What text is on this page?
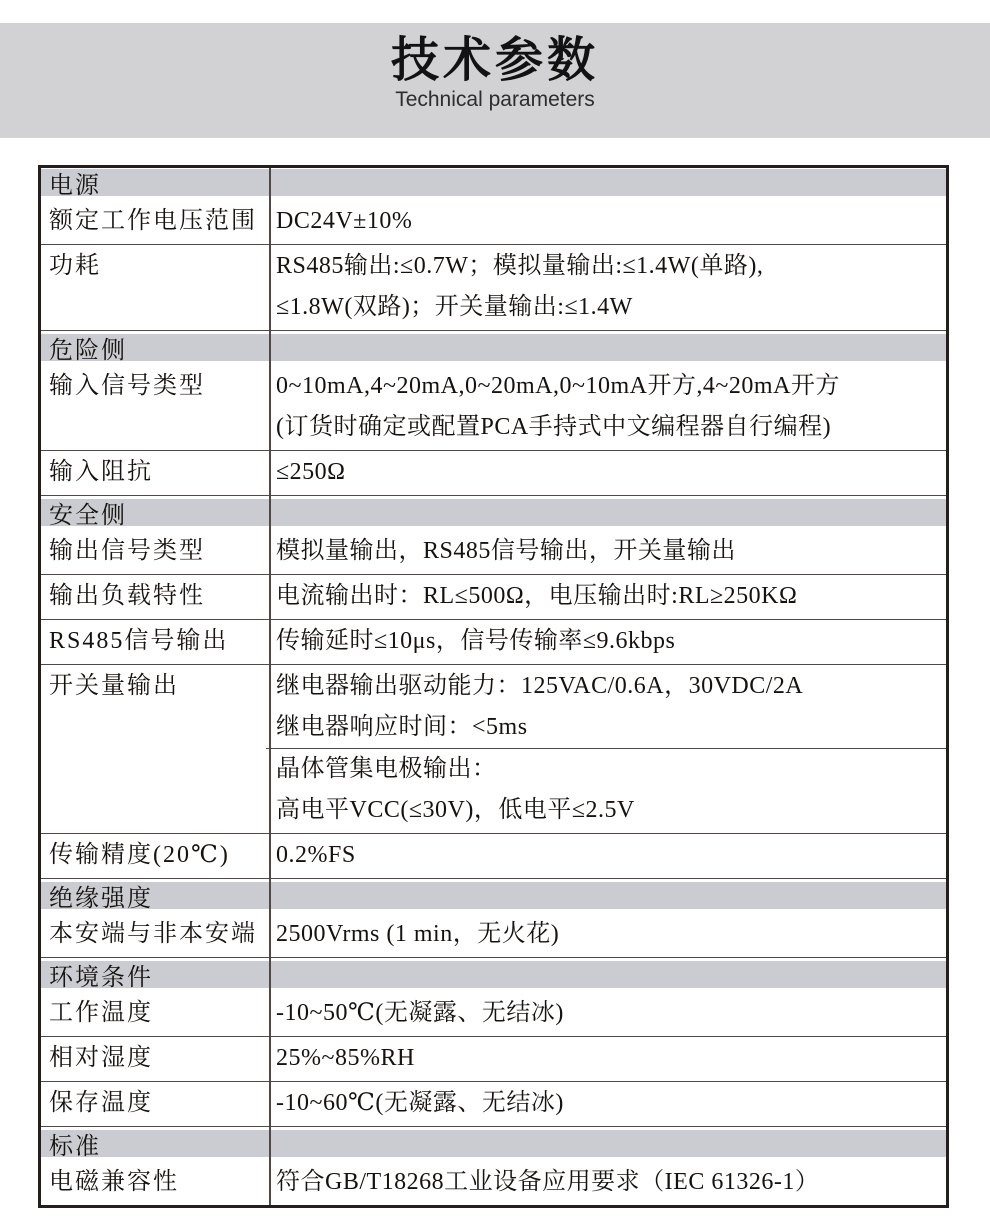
技术参数
Technical parameters
电源
额定工作电压范围 DC24V±10%
功耗	RS485输出:≤0.7W；模拟量输出:≤1.4W(单路),
≤1.8W(双路)；开关量输出:≤1.4W
危险侧
输入信号类型	0~10mA,4~20mA,0~20mA,0~10mA开方,4~20mA开方
(订货时确定或配置PCA手持式中文编程器自行编程)
输入阻抗	≤250Ω
安全侧
输出信号类型	模拟量输出，RS485信号输出，开关量输出
输出负载特性	电流输出时：RL≤500Ω，电压输出时:RL≥250KΩ
RS485信号输出	传输延时≤10μs，信号传输率≤9.6kbps
开关量输出	继电器输出驱动能力：125VAC/0.6A，30VDC/2A
继电器响应时间：<5ms
晶体管集电极输出：
高电平VCC(≤30V)，低电平≤2.5V
传输精度(20℃)	0.2%FS
绝缘强度
本安端与非本安端 2500Vrms (1 min，无火花)
环境条件
工作温度	-10~50℃(无凝露、无结冰)
相对湿度	25%~85%RH
保存温度	-10~60℃(无凝露、无结冰)
标准
电磁兼容性	符合GB/T18268工业设备应用要求（IEC 61326-1）
